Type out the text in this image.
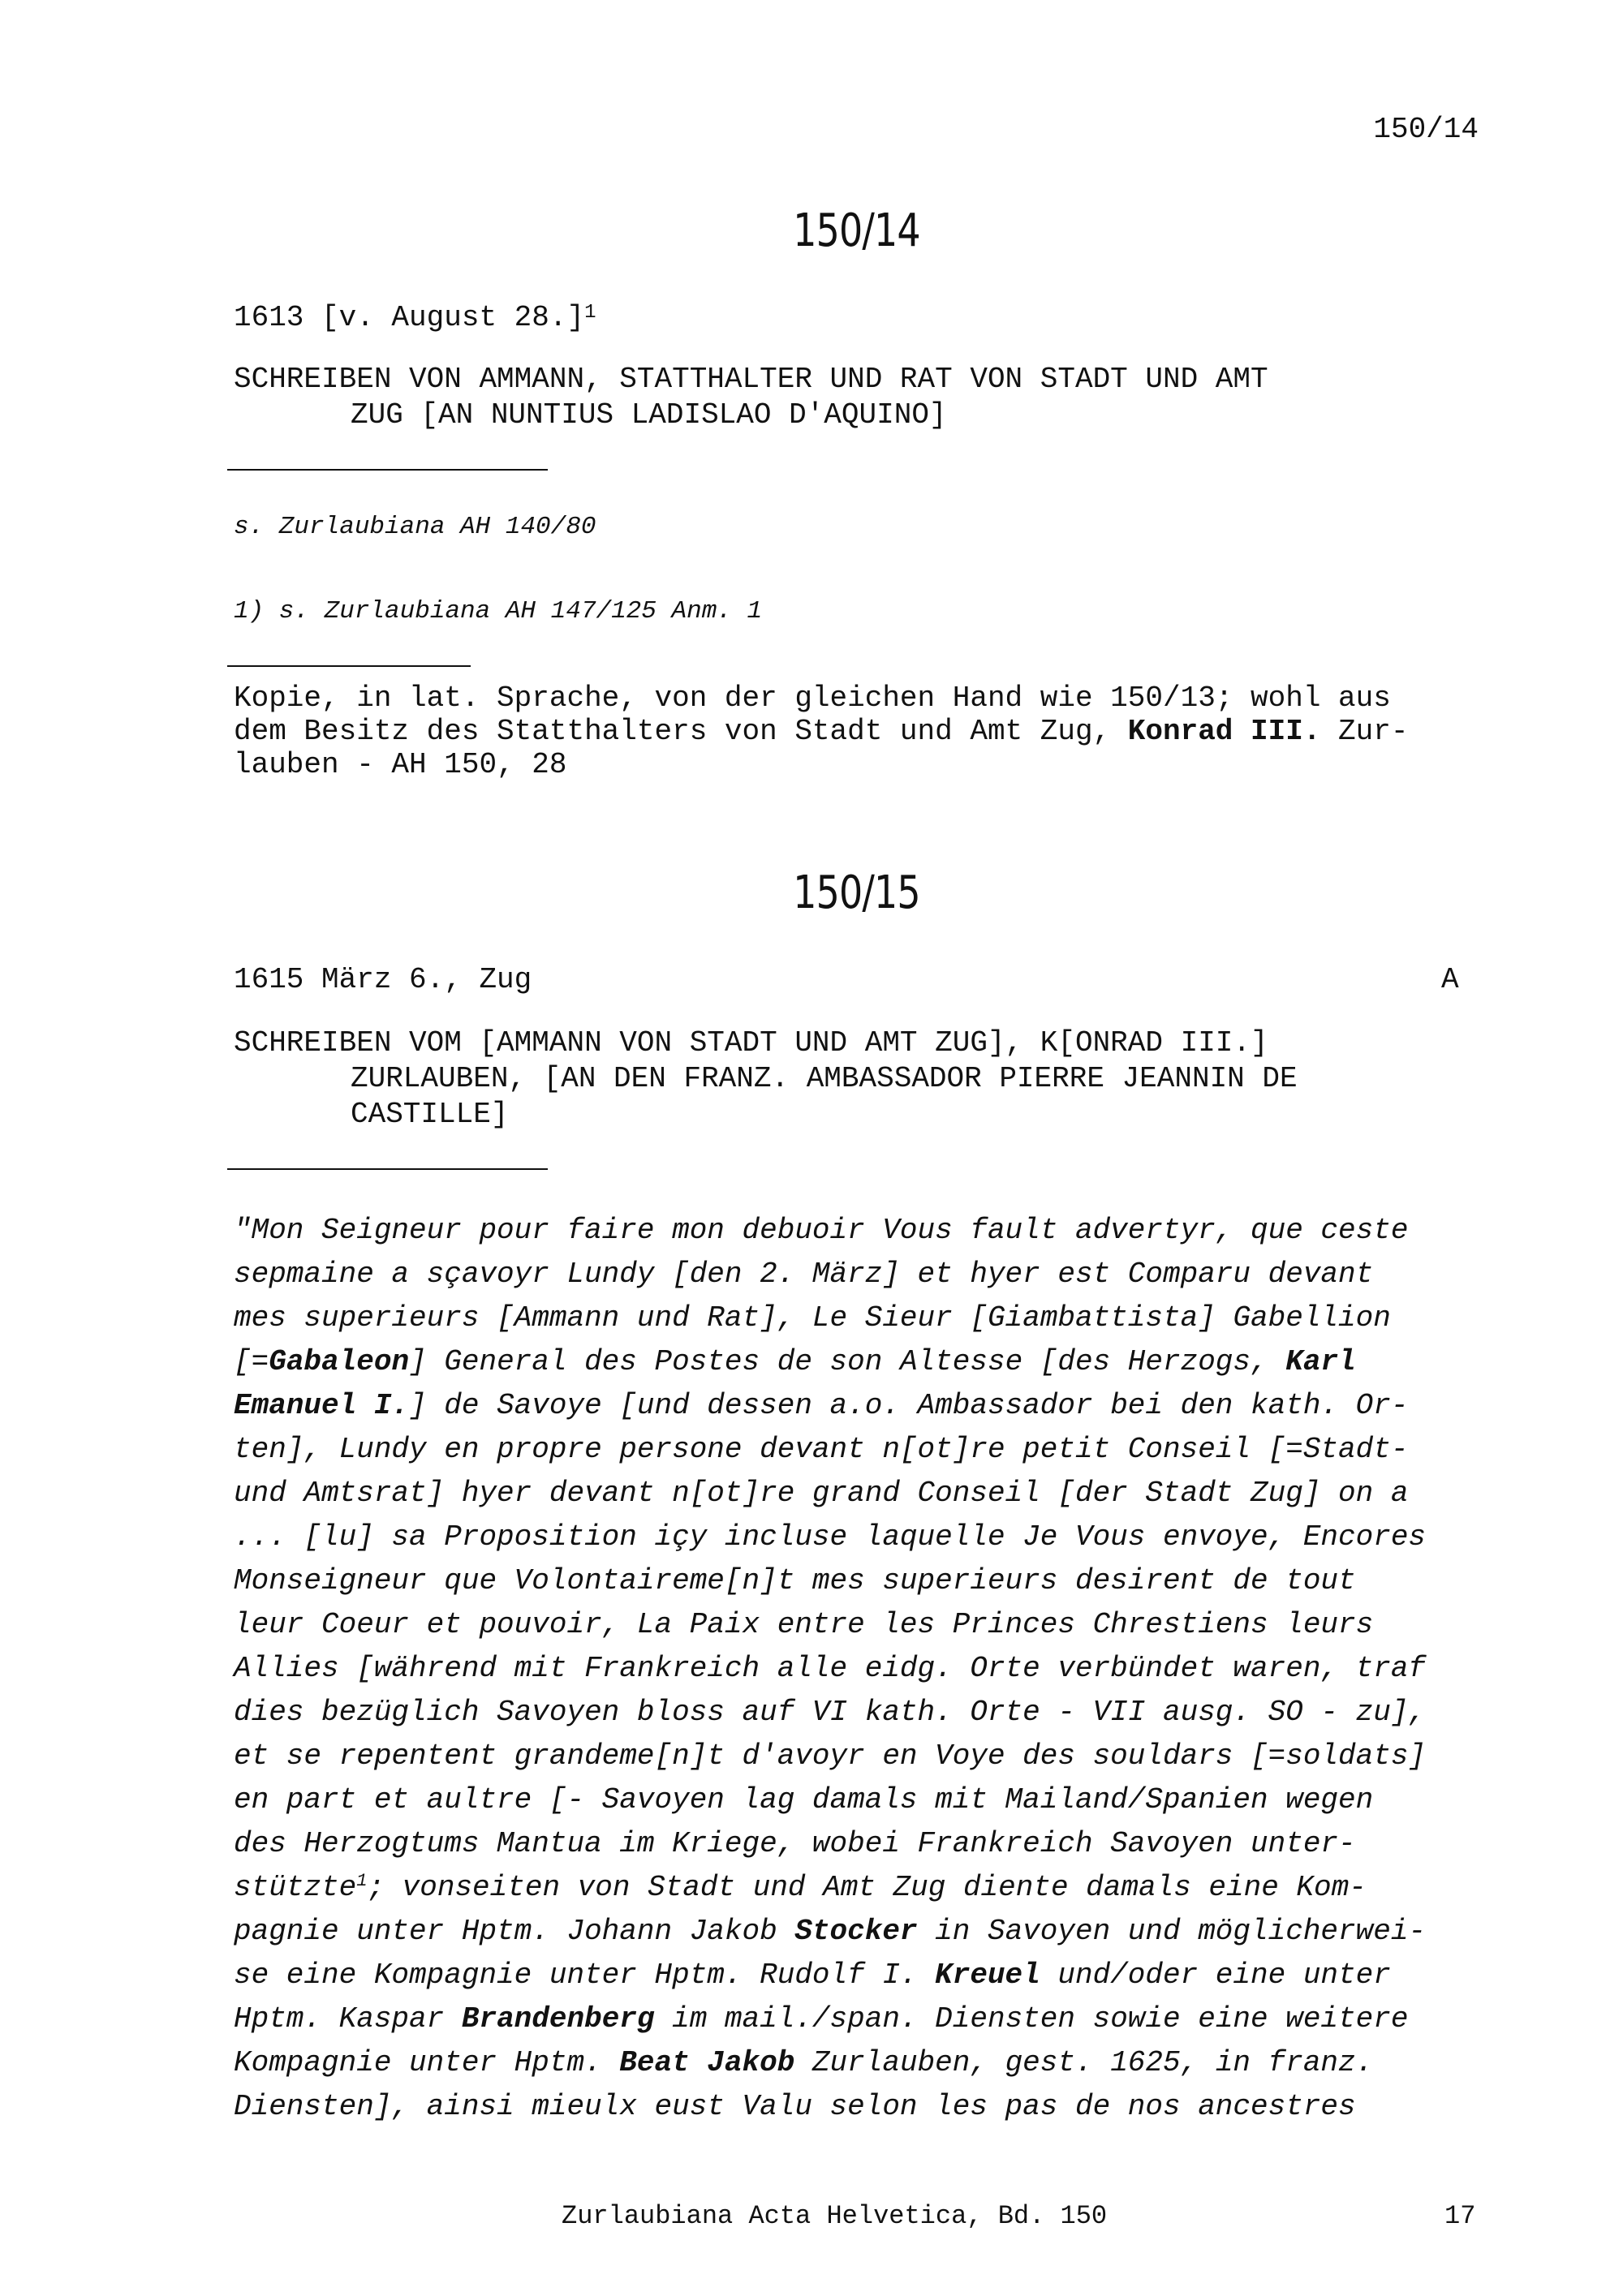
150/14
150/14
1613 [v. August 28.]$^1$
SCHREIBEN VON AMMANN, STATTHALTER UND RAT VON STADT UND AMT
ZUG [AN NUNTIUS LADISLAO D'AQUINO]
s. Zurlaubiana AH 140/80
1) s. Zurlaubiana AH 147/125 Anm. 1
Kopie, in lat. Sprache, von der gleichen Hand wie 150/13; wohl aus
dem Besitz des Statthalters von Stadt und Amt Zug, Konrad III. Zur-
lauben - AH 150, 28
150/15
1615 März 6., Zug	A
SCHREIBEN VOM [AMMANN VON STADT UND AMT ZUG], K[ONRAD III.]
ZURLAUBEN, [AN DEN FRANZ. AMBASSADOR PIERRE JEANNIN DE
CASTILLE]
"Mon Seigneur pour faire mon debuoir Vous fault advertyr, que ceste
sepmaine a sçavoyr Lundy [den 2. März] et hyer est Comparu devant
mes superieurs [Ammann und Rat], Le Sieur [Giambattista] Gabellion
[=Gabaleon] General des Postes de son Altesse [des Herzogs, Karl
Emanuel I.] de Savoye [und dessen a.o. Ambassador bei den kath. Or-
ten], Lundy en propre persone devant n[ot]re petit Conseil [=Stadt-
und Amtsrat] hyer devant n[ot]re grand Conseil [der Stadt Zug] on a
... [lu] sa Proposition içy incluse laquelle Je Vous envoye, Encores
Monseigneur que Volontaireme[n]t mes superieurs desirent de tout
leur Coeur et pouvoir, La Paix entre les Princes Chrestiens leurs
Allies [während mit Frankreich alle eidg. Orte verbündet waren, traf
dies bezüglich Savoyen bloss auf VI kath. Orte - VII ausg. SO - zu],
et se repentent grandeme[n]t d'avoyr en Voye des souldars [=soldats]
en part et aultre [- Savoyen lag damals mit Mailand/Spanien wegen
des Herzogtums Mantua im Kriege, wobei Frankreich Savoyen unter-
stützte$^1$; vonseiten von Stadt und Amt Zug diente damals eine Kom-
pagnie unter Hptm. Johann Jakob Stocker in Savoyen und möglicherwei-
se eine Kompagnie unter Hptm. Rudolf I. Kreuel und/oder eine unter
Hptm. Kaspar Brandenberg im mail./span. Diensten sowie eine weitere
Kompagnie unter Hptm. Beat Jakob Zurlauben, gest. 1625, in franz.
Diensten], ainsi mieulx eust Valu selon les pas de nos ancestres
Zurlaubiana Acta Helvetica, Bd. 150	17
